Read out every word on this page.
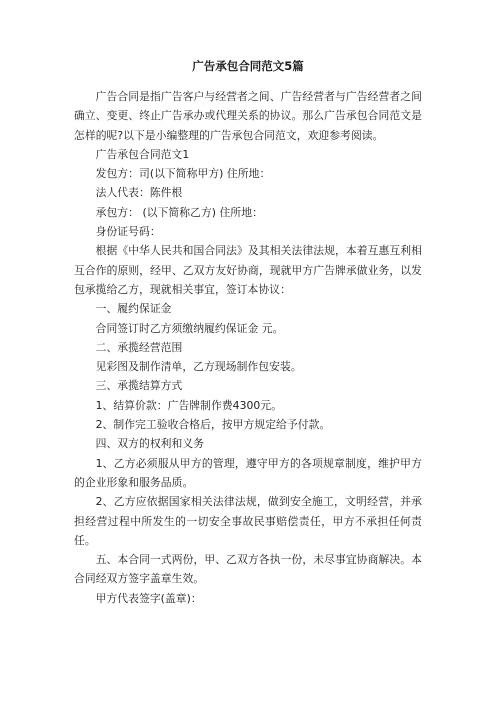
广告承包合同范文5篇

广告合同是指广告客户与经营者之间、广告经营者与广告经营者之间确立、变更、终止广告承办或代理关系的协议。那么广告承包合同范文是怎样的呢?以下是小编整理的广告承包合同范文，欢迎参考阅读。

广告承包合同范文1

发包方：司(以下简称甲方) 住所地：

法人代表：陈件根

承包方： (以下简称乙方) 住所地：

身份证号码：

根据《中华人民共和国合同法》及其相关法律法规，本着互惠互利相互合作的原则，经甲、乙双方友好协商，现就甲方广告牌承做业务，以发包承揽给乙方，现就相关事宜，签订本协议：

一、履约保证金

合同签订时乙方须缴纳履约保证金 元。

二、承揽经营范围

见彩图及制作清单，乙方现场制作包安装。

三、承揽结算方式

1、结算价款：广告牌制作费4300元。

2、制作完工验收合格后，按甲方规定给予付款。

四、双方的权利和义务

1、乙方必须服从甲方的管理，遵守甲方的各项规章制度，维护甲方的企业形象和服务品质。

2、乙方应依据国家相关法律法规，做到安全施工，文明经营，并承担经营过程中所发生的一切安全事故民事赔偿责任，甲方不承担任何责任。

五、本合同一式两份，甲、乙双方各执一份，未尽事宜协商解决。本合同经双方签字盖章生效。

甲方代表签字(盖章)：
